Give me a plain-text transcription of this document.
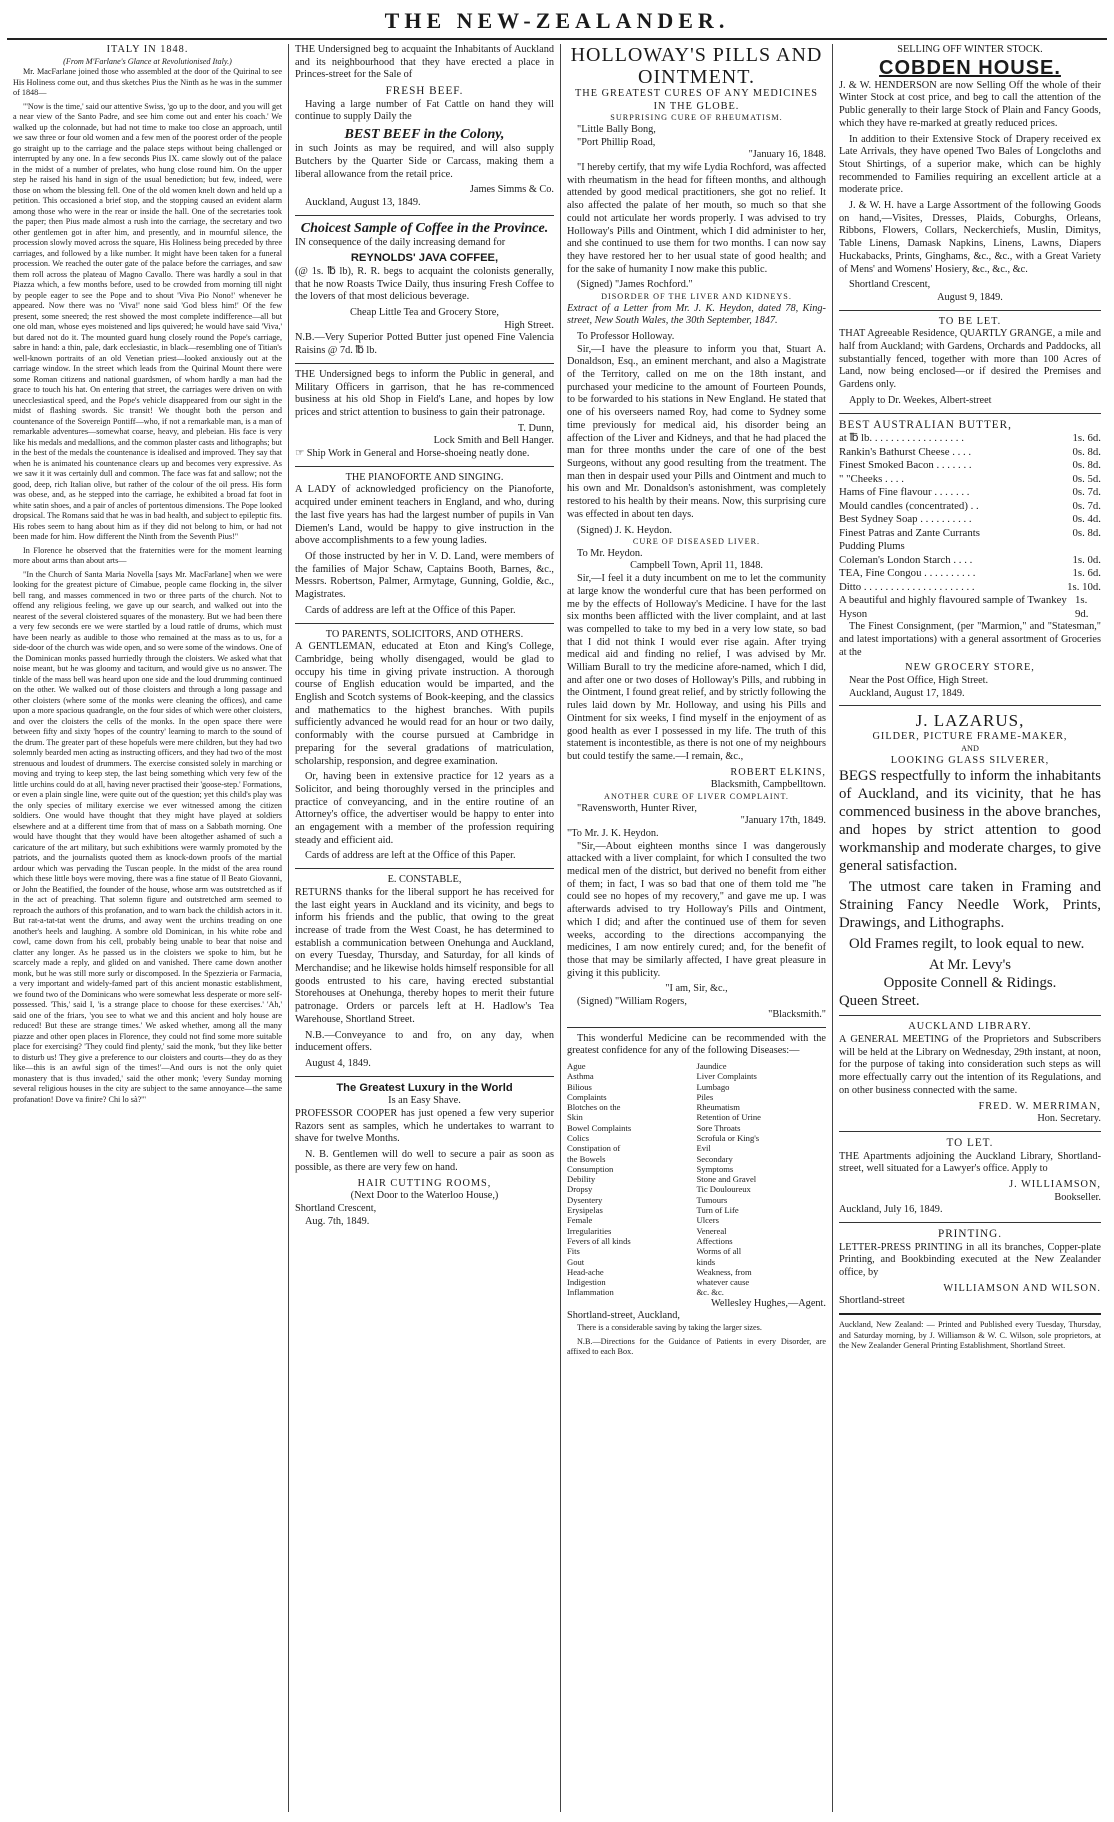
THE NEW-ZEALANDER.
ITALY IN 1848.
(From M'Farlane's Glance at Revolutionised Italy.)

Mr. MacFarlane joined those who assembled at the door of the Quirinal to see His Holiness come out, and thus sketches Pius the Ninth as he was in the summer of 1848—

"'Now is the time,' said our attentive Swiss, 'go up to the door, and you will get a near view of the Santo Padre, and see him come out and enter his coach.' We walked up the colonnade, but had not time to make too close an approach, until we saw three or four old women and a few men of the poorest order of the people go straight up to the carriage and the palace steps without being challenged or interrupted by any one. In a few seconds Pius IX. came slowly out of the palace in the midst of a number of prelates, who hung close round him. On the upper step he raised his hand in sign of the usual benediction; but few, indeed, were those on whom the blessing fell. One of the old women knelt down and held up a petition. This occasioned a brief stop, and the stopping caused an evident alarm among those who were in the rear or inside the hall. One of the secretaries took the paper; then Pius made almost a rush into the carriage, the secretary and two other gentlemen got in after him, and presently, and in mournful silence, the procession slowly moved across the square, His Holiness being preceded by three carriages, and followed by a like number. It might have been taken for a funeral procession. We reached the outer gate of the palace before the carriages, and saw them roll across the plateau of Magno Cavallo. There was hardly a soul in that Piazza which, a few months before, used to be crowded from morning till night by people eager to see the Pope and to shout 'Viva Pio Nono!' whenever he appeared. Now there was no 'Viva!' none said 'God bless him!' Of the few present, some sneered; the rest showed the most complete indifference—all but one old man, whose eyes moistened and lips quivered; he would have said 'Viva,' but dared not do it. The mounted guard hung closely round the Pope's carriage, sabre in hand: a thin, pale, dark ecclesiastic, in black—resembling one of Titian's well-known portraits of an old Venetian priest—looked anxiously out at the carriage window. In the street which leads from the Quirinal Mount there were some Roman citizens and national guardsmen, of whom hardly a man had the grace to touch his hat. On entering that street, the carriages were driven on with unecclesiastical speed, and the Pope's vehicle disappeared from our sight in the midst of flashing swords. Sic transit! We thought both the person and countenance of the Sovereign Pontiff—who, if not a remarkable man, is a man of remarkable adventures—somewhat coarse, heavy, and plebeian. His face is very like his medals and medallions, and the common plaster casts and lithographs; but in the best of the medals the countenance is idealised and improved. They say that when he is animated his countenance clears up and becomes very expressive. As we saw it it was certainly dull and common. The face was fat and sallow; not the good, deep, rich Italian olive, but rather of the colour of the oil press. His form was obese, and, as he stepped into the carriage, he exhibited a broad fat foot in white satin shoes, and a pair of ancles of portentous dimensions. The Pope looked dropsical. The Romans said that he was in bad health, and subject to epileptic fits. His robes seem to hang about him as if they did not belong to him, or had not been made for him. How different the Ninth from the Seventh Pius!"

In Florence he observed that the fraternities were for the moment learning more about arms than about arts—

"In the Church of Santa Maria Novella [says Mr. MacFarlane] when we were looking for the greatest picture of Cimabue, people came flocking in, the silver bell rang, and masses commenced in two or three parts of the church. Not to offend any religious feeling, we gave up our search, and walked out into the nearest of the several cloistered squares of the monastery. But we had been there a very few seconds ere we were startled by a loud rattle of drums, which must have been nearly as audible to those who remained at the mass as to us, for a side-door of the church was wide open, and so were some of the windows. One of the Dominican monks passed hurriedly through the cloisters. We asked what that noise meant, but he was gloomy and taciturn, and would give us no answer. The tinkle of the mass bell was heard upon one side and the loud drumming continued on the other. We walked out of those cloisters and through a long passage and other cloisters (where some of the monks were cleaning the offices), and came upon a more spacious quadrangle, on the four sides of which were other cloisters, and over the cloisters the cells of the monks. In the open space there were between fifty and sixty 'hopes of the country' learning to march to the sound of the drum. The greater part of these hopefuls were mere children, but they had two solemnly bearded men acting as instructing officers, and they had two of the most strenuous and loudest of drummers. The exercise consisted solely in marching or moving and trying to keep step, the last being something which very few of the little urchins could do at all, having never practised their 'goose-step.' Formations, or even a plain single line, were quite out of the question; yet this child's play was the only species of military exercise we ever witnessed among the citizen soldiers. One would have thought that they might have played at soldiers elsewhere and at a different time from that of mass on a Sabbath morning. One would have thought that they would have been altogether ashamed of such a caricature of the art military, but such exhibitions were warmly promoted by the patriots, and the journalists quoted them as knock-down proofs of the martial ardour which was pervading the Tuscan people. In the midst of the area round which these little boys were moving, there was a fine statue of Il Beato Giovanni, or John the Beatified, the founder of the house, whose arm was outstretched as if in the act of preaching. That solemn figure and outstretched arm seemed to reproach the authors of this profanation, and to warn back the childish actors in it. But rat-a-tat-tat went the drums, and away went the urchins treading on one another's heels and laughing. A sombre old Dominican, in his white robe and cowl, came down from his cell, probably being unable to bear that noise and clatter any longer. As he passed us in the cloisters we spoke to him, but he scarcely made a reply, and glided on and vanished. There came down another monk, but he was still more surly or discomposed. In the Spezzieria or Farmacia, a very important and widely-famed part of this ancient monastic establishment, we found two of the Dominicans who were somewhat less desperate or more self-possessed. 'This,' said I, 'is a strange place to choose for these exercises.' 'Ah,' said one of the friars, 'you see to what we and this ancient and holy house are reduced! But these are strange times.' We asked whether, among all the many piazze and other open places in Florence, they could not find some more suitable place for exercising? 'They could find plenty,' said the monk, 'but they like better to disturb us! They give a preference to our cloisters and courts—they do as they like—this is an awful sign of the times!'—And ours is not the only quiet monastery that is thus invaded,' said the other monk; 'every Sunday morning several religious houses in the city are subject to the same annoyance—the same profanation! Dove va finire? Chi lo sà?'"

THE Undersigned beg to acquaint the Inhabitants of Auckland and its neighbourhood that they have erected a place in Princes-street for the Sale of

FRESH BEEF.

Having a large number of Fat Cattle on hand they will continue to supply Daily the

BEST BEEF in the Colony,

in such Joints as may be required, and will also supply Butchers by the Quarter Side or Carcass, making them a liberal allowance from the retail price.

James Simms & Co.
Auckland, August 13, 1849.
Choicest Sample of Coffee in the Province.

IN consequence of the daily increasing demand for

REYNOLDS' JAVA COFFEE,

(@ 1s. ℔ lb), R. R. begs to acquaint the colonists generally, that he now Roasts Twice Daily, thus insuring Fresh Coffee to the lovers of that most delicious beverage.

Cheap Little Tea and Grocery Store,
High Street.

N.B.—Very Superior Potted Butter just opened Fine Valencia Raisins @ 7d. ℔ lb.

THE Undersigned begs to inform the Public in general, and Military Officers in garrison, that he has re-commenced business at his old Shop in Field's Lane, and hopes by low prices and strict attention to business to gain their patronage.

T. Dunn,
Lock Smith and Bell Hanger.

☞ Ship Work in General and Horse-shoeing neatly done.

THE PIANOFORTE AND SINGING.

A LADY of acknowledged proficiency on the Pianoforte, acquired under eminent teachers in England, and who, during the last five years has had the largest number of pupils in Van Diemen's Land, would be happy to give instruction in the above accomplishments to a few young ladies.

Of those instructed by her in V. D. Land, were members of the families of Major Schaw, Captains Booth, Barnes, &c., Messrs. Robertson, Palmer, Armytage, Gunning, Goldie, &c., Magistrates.

Cards of address are left at the Office of this Paper.

TO PARENTS, SOLICITORS, AND OTHERS.

A GENTLEMAN, educated at Eton and King's College, Cambridge, being wholly disengaged, would be glad to occupy his time in giving private instruction. A thorough course of English education would be imparted, and the English and Scotch systems of Book-keeping, and the classics and mathematics to the highest branches. With pupils sufficiently advanced he would read for an hour or two daily, conformably with the course pursued at Cambridge in preparing for the several gradations of matriculation, scholarship, responsion, and degree examination.

Or, having been in extensive practice for 12 years as a Solicitor, and being thoroughly versed in the principles and practice of conveyancing, and in the entire routine of an Attorney's office, the advertiser would be happy to enter into an engagement with a member of the profession requiring steady and efficient aid.

Cards of address are left at the Office of this Paper.

E. CONSTABLE,

RETURNS thanks for the liberal support he has received for the last eight years in Auckland and its vicinity, and begs to inform his friends and the public, that owing to the great increase of trade from the West Coast, he has determined to establish a communication between Onehunga and Auckland, on every Tuesday, Thursday, and Saturday, for all kinds of Merchandise; and he likewise holds himself responsible for all goods entrusted to his care, having erected substantial Storehouses at Onehunga, thereby hopes to merit their future patronage. Orders or parcels left at H. Hadlow's Tea Warehouse, Shortland Street.

N.B.—Conveyance to and fro, on any day, when inducement offers.

August 4, 1849.
The Greatest Luxury in the World
Is an Easy Shave.

PROFESSOR COOPER has just opened a few very superior Razors sent as samples, which he undertakes to warrant to shave for twelve Months.

N. B. Gentlemen will do well to secure a pair as soon as possible, as there are very few on hand.

HAIR CUTTING ROOMS,
(Next Door to the Waterloo House,)
Shortland Crescent,
Aug. 7th, 1849.
HOLLOWAY'S PILLS AND OINTMENT.
THE GREATEST CURES OF ANY MEDICINES IN THE GLOBE.
SURPRISING CURE OF RHEUMATISM.
"Little Bally Bong,
"Port Phillip Road,
"January 16, 1848.

"I hereby certify, that my wife Lydia Rochford, was affected with rheumatism in the head for fifteen months, and although attended by good medical practitioners, she got no relief. It also affected the palate of her mouth, so much so that she could not articulate her words properly. I was advised to try Holloway's Pills and Ointment, which I did administer to her, and she continued to use them for two months. I can now say they have restored her to her usual state of good health; and for the sake of humanity I now make this public.

(Signed) "James Rochford."
DISORDER OF THE LIVER AND KIDNEYS.

Extract of a Letter from Mr. J. K. Heydon, dated 78, King-street, New South Wales, the 30th September, 1847.

To Professor Holloway.

Sir,—I have the pleasure to inform you that, Stuart A. Donaldson, Esq., an eminent merchant, and also a Magistrate of the Territory, called on me on the 18th instant, and purchased your medicine to the amount of Fourteen Pounds, to be forwarded to his stations in New England. He stated that one of his overseers named Roy, had come to Sydney some time previously for medical aid, his disorder being an affection of the Liver and Kidneys, and that he had placed the man for three months under the care of one of the best Surgeons, without any good resulting from the treatment. The man then in despair used your Pills and Ointment and much to his own and Mr. Donaldson's astonishment, was completely restored to his health by their means. Now, this surprising cure was effected in about ten days.

(Signed) J. K. Heydon.
CURE OF DISEASED LIVER.
To Mr. Heydon.
Campbell Town, April 11, 1848.

Sir,—I feel it a duty incumbent on me to let the community at large know the wonderful cure that has been performed on me by the effects of Holloway's Medicine. I have for the last six months been afflicted with the liver complaint, and at last was compelled to take to my bed in a very low state, so bad that I did not think I would ever rise again. After trying medical aid and finding no relief, I was advised by Mr. William Burall to try the medicine afore-named, which I did, and after one or two doses of Holloway's Pills, and rubbing in the Ointment, I found great relief, and by strictly following the rules laid down by Mr. Holloway, and using his Pills and Ointment for six weeks, I find myself in the enjoyment of as good health as ever I possessed in my life. The truth of this statement is incontestible, as there is not one of my neighbours but could testify the same.—I remain, &c.,

ROBERT ELKINS,
Blacksmith, Campbelltown.
ANOTHER CURE OF LIVER COMPLAINT.
"Ravensworth, Hunter River,
"January 17th, 1849.
"To Mr. J. K. Heydon.

"Sir,—About eighteen months since I was dangerously attacked with a liver complaint, for which I consulted the two medical men of the district, but derived no benefit from either of them; in fact, I was so bad that one of them told me "he could see no hopes of my recovery," and gave me up. I was afterwards advised to try Holloway's Pills and Ointment, which I did; and after the continued use of them for seven weeks, according to the directions accompanying the medicines, I am now entirely cured; and, for the benefit of those that may be similarly affected, I have great pleasure in giving it this publicity.

"I am, Sir, &c.,
(Signed) "William Rogers,
"Blacksmith."

This wonderful Medicine can be recommended with the greatest confidence for any of the following Diseases:—

Ague
Asthma
Bilious Complaints
Blotches on the Skin
Bowel Complaints
Colics
Constipation of the Bowels
Consumption
Debility
Dropsy
Dysentery
Erysipelas
Female Irregularities
Fevers of all kinds
Fits
Gout
Head-ache
Indigestion
Inflammation
Jaundice
Liver Complaints
Lumbago
Piles
Rheumatism
Retention of Urine
Sore Throats
Scrofula or King's Evil
Secondary Symptoms
Stone and Gravel
Tic Douloureux
Tumours
Turn of Life
Ulcers
Venereal Affections
Worms of all kinds
Weakness, from whatever cause
&c. &c.
Wellesley Hughes,—Agent.
Shortland-street, Auckland,

There is a considerable saving by taking the larger sizes.

N.B.—Directions for the Guidance of Patients in every Disorder, are affixed to each Box.

SELLING OFF WINTER STOCK.
COBDEN HOUSE.

J. & W. HENDERSON are now Selling Off the whole of their Winter Stock at cost price, and beg to call the attention of the Public generally to their large Stock of Plain and Fancy Goods, which they have re-marked at greatly reduced prices.

In addition to their Extensive Stock of Drapery received ex Late Arrivals, they have opened Two Bales of Longcloths and Stout Shirtings, of a superior make, which can be highly recommended to Families requiring an excellent article at a moderate price.

J. & W. H. have a Large Assortment of the following Goods on hand,—Visites, Dresses, Plaids, Coburghs, Orleans, Ribbons, Flowers, Collars, Neckerchiefs, Muslin, Dimitys, Table Linens, Damask Napkins, Linens, Lawns, Diapers Huckabacks, Prints, Ginghams, &c., &c., with a Great Variety of Mens' and Womens' Hosiery, &c., &c., &c.

Shortland Crescent,
August 9, 1849.
TO BE LET.

THAT Agreeable Residence, QUARTLY GRANGE, a mile and half from Auckland; with Gardens, Orchards and Paddocks, all substantially fenced, together with more than 100 Acres of Land, now being enclosed—or if desired the Premises and Gardens only.

Apply to Dr. Weekes, Albert-street
BEST AUSTRALIAN BUTTER,
at ℔ lb. . . . . . . . . . . . . . . . . .	1s. 6d.
Rankin's Bathurst Cheese . . . .	0s. 8d.
Finest Smoked Bacon . . . . . . .	0s. 8d.
" "Cheeks . . . .	0s. 5d.
Hams of Fine flavour . . . . . . .	0s. 7d.
Mould candles (concentrated) . .	0s. 7d.
Best Sydney Soap . . . . . . . . . .	0s. 4d.
Finest Patras and Zante Currants	0s. 8d.
Pudding Plums
Coleman's London Starch . . . .	1s. 0d.
TEA, Fine Congou . . . . . . . . . .	1s. 6d.
Ditto . . . . . . . . . . . . . . . . . . . . .	1s. 10d.
A beautiful and highly flavoured sample of Twankey Hyson
1s. 9d.

The Finest Consignment, (per "Marmion," and "Statesman," and latest importations) with a general assortment of Groceries at the

NEW GROCERY STORE,
Near the Post Office, High Street.
Auckland, August 17, 1849.
J. LAZARUS,
GILDER, PICTURE FRAME-MAKER,
AND
LOOKING GLASS SILVERER,

BEGS respectfully to inform the inhabitants of Auckland, and its vicinity, that he has commenced business in the above branches, and hopes by strict attention to good workmanship and moderate charges, to give general satisfaction.

The utmost care taken in Framing and Straining Fancy Needle Work, Prints, Drawings, and Lithographs.

Old Frames regilt, to look equal to new.

At Mr. Levy's
Opposite Connell & Ridings.
Queen Street.
AUCKLAND LIBRARY.

A GENERAL MEETING of the Proprietors and Subscribers will be held at the Library on Wednesday, 29th instant, at noon, for the purpose of taking into consideration such steps as will more effectually carry out the intention of its Regulations, and on other business connected with the same.

FRED. W. MERRIMAN,
Hon. Secretary.
TO LET.

THE Apartments adjoining the Auckland Library, Shortland-street, well situated for a Lawyer's office. Apply to

J. WILLIAMSON,
Bookseller.
Auckland, July 16, 1849.
PRINTING.

LETTER-PRESS PRINTING in all its branches, Copper-plate Printing, and Bookbinding executed at the New Zealander office, by

WILLIAMSON AND WILSON.
Shortland-street

Auckland, New Zealand: — Printed and Published every Tuesday, Thursday, and Saturday morning, by J. Williamson & W. C. Wilson, sole proprietors, at the New Zealander General Printing Establishment, Shortland Street.
